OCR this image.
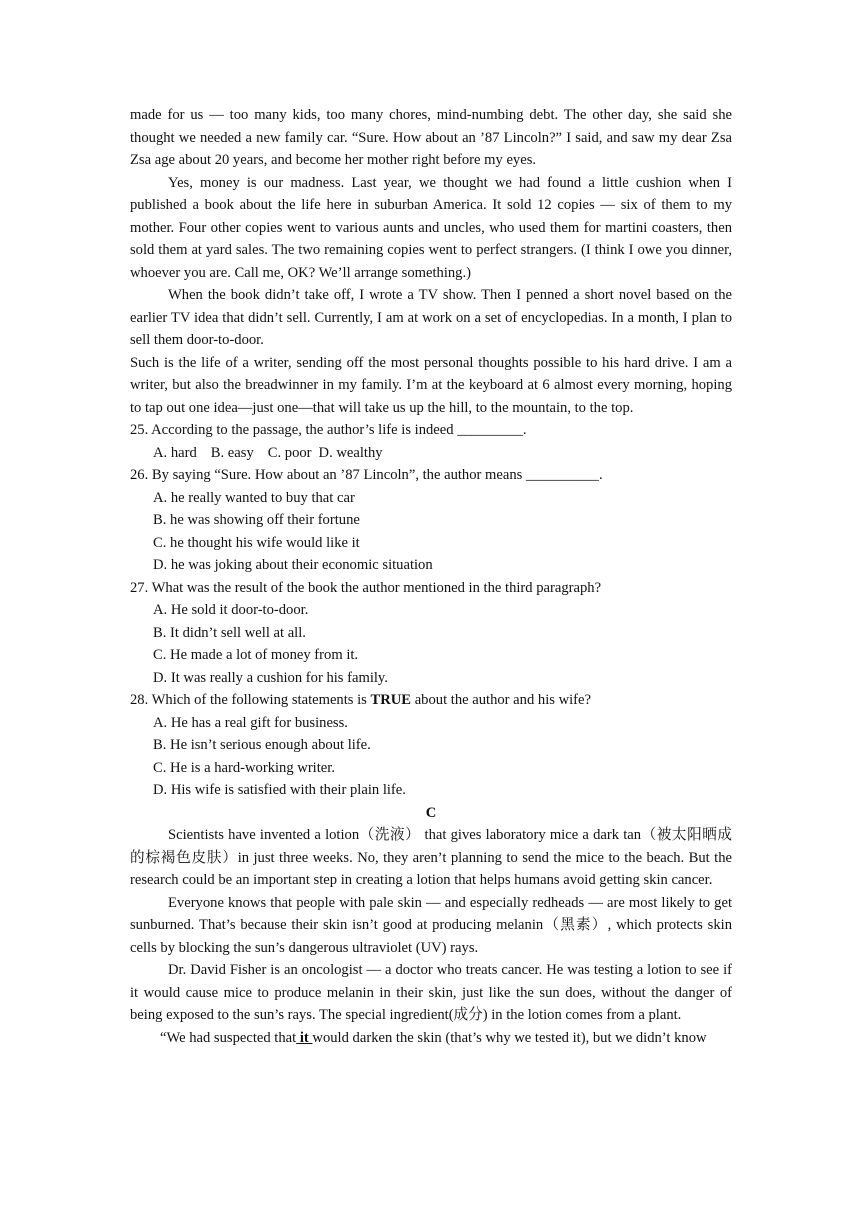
made for us — too many kids, too many chores, mind-numbing debt. The other day, she said she thought we needed a new family car. “Sure. How about an ’87 Lincoln?” I said, and saw my dear Zsa Zsa age about 20 years, and become her mother right before my eyes.

Yes, money is our madness. Last year, we thought we had found a little cushion when I published a book about the life here in suburban America. It sold 12 copies — six of them to my mother. Four other copies went to various aunts and uncles, who used them for martini coasters, then sold them at yard sales. The two remaining copies went to perfect strangers. (I think I owe you dinner, whoever you are. Call me, OK? We’ll arrange something.)

When the book didn’t take off, I wrote a TV show. Then I penned a short novel based on the earlier TV idea that didn’t sell. Currently, I am at work on a set of encyclopedias. In a month, I plan to sell them door-to-door.

Such is the life of a writer, sending off the most personal thoughts possible to his hard drive. I am a writer, but also the breadwinner in my family. I’m at the keyboard at 6 almost every morning, hoping to tap out one idea—just one—that will take us up the hill, to the mountain, to the top.

25. According to the passage, the author’s life is indeed _________.

A. hard B. easy C. poor D. wealthy

26. By saying “Sure. How about an ’87 Lincoln”, the author means __________.

A. he really wanted to buy that car

B. he was showing off their fortune

C. he thought his wife would like it

D. he was joking about their economic situation

27. What was the result of the book the author mentioned in the third paragraph?

A. He sold it door-to-door.

B. It didn’t sell well at all.

C. He made a lot of money from it.

D. It was really a cushion for his family.

28. Which of the following statements is TRUE about the author and his wife?

A. He has a real gift for business.

B. He isn’t serious enough about life.

C. He is a hard-working writer.

D. His wife is satisfied with their plain life.

C

Scientists have invented a lotion（洗液） that gives laboratory mice a dark tan（被太阳晒成的棕褐色皮肤）in just three weeks. No, they aren’t planning to send the mice to the beach. But the research could be an important step in creating a lotion that helps humans avoid getting skin cancer.

Everyone knows that people with pale skin — and especially redheads — are most likely to get sunburned. That’s because their skin isn’t good at producing melanin（黑素）, which protects skin cells by blocking the sun’s dangerous ultraviolet (UV) rays.

Dr. David Fisher is an oncologist — a doctor who treats cancer. He was testing a lotion to see if it would cause mice to produce melanin in their skin, just like the sun does, without the danger of being exposed to the sun’s rays. The special ingredient(成分) in the lotion comes from a plant.

“We had suspected that it would darken the skin (that’s why we tested it), but we didn’t know
